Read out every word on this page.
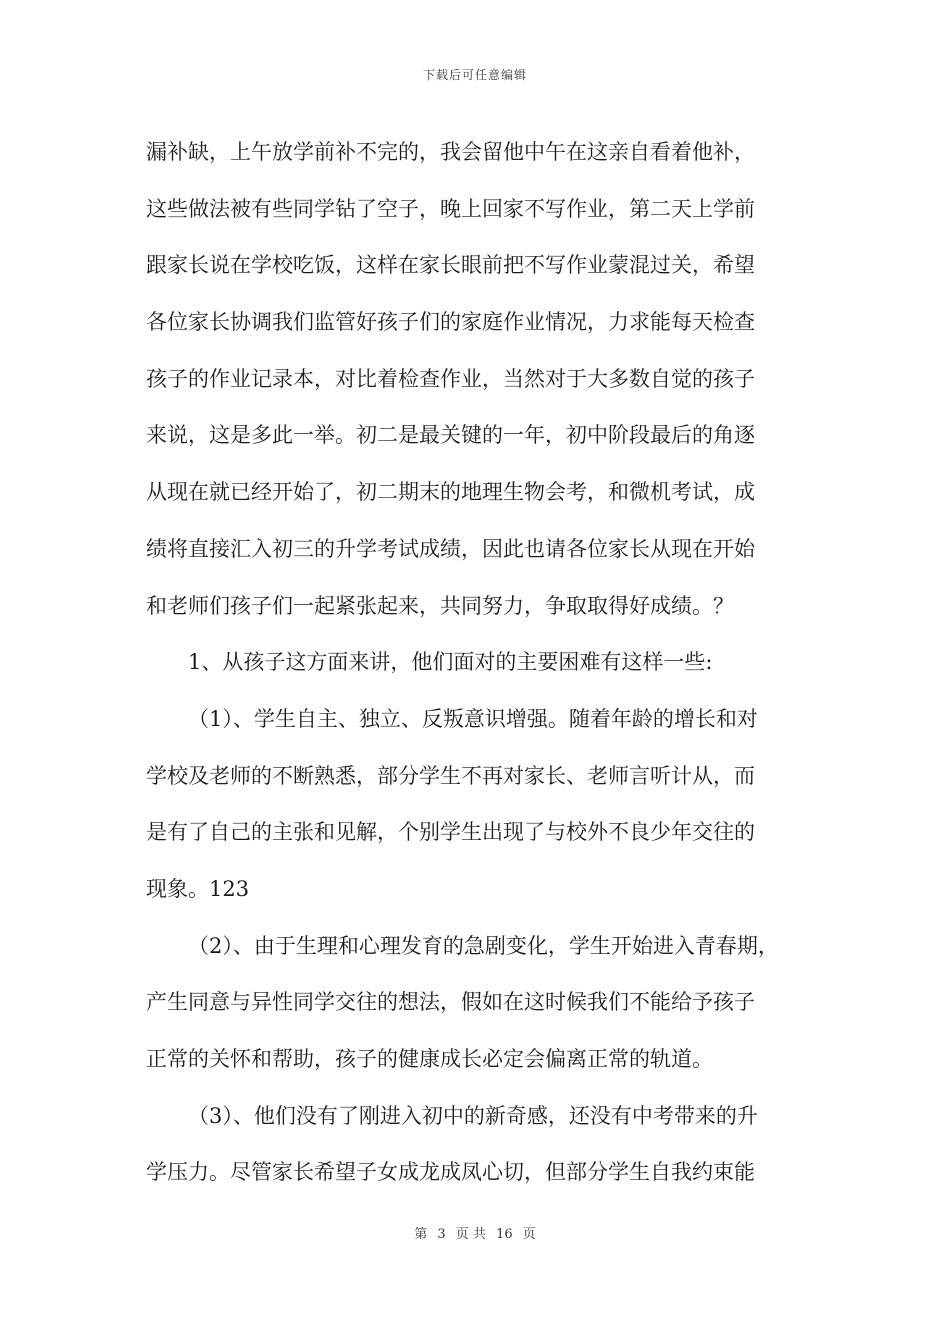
下载后可任意编辑
漏补缺，上午放学前补不完的，我会留他中午在这亲自看着他补，
这些做法被有些同学钻了空子，晚上回家不写作业，第二天上学前
跟家长说在学校吃饭，这样在家长眼前把不写作业蒙混过关，希望
各位家长协调我们监管好孩子们的家庭作业情况，力求能每天检查
孩子的作业记录本，对比着检查作业，当然对于大多数自觉的孩子
来说，这是多此一举。初二是最关键的一年，初中阶段最后的角逐
从现在就已经开始了，初二期末的地理生物会考，和微机考试，成
绩将直接汇入初三的升学考试成绩，因此也请各位家长从现在开始
和老师们孩子们一起紧张起来，共同努力，争取取得好成绩。？
1、从孩子这方面来讲，他们面对的主要困难有这样一些:
（1）、学生自主、独立、反叛意识增强。随着年龄的增长和对
学校及老师的不断熟悉，部分学生不再对家长、老师言听计从，而
是有了自己的主张和见解，个别学生出现了与校外不良少年交往的
现象。123
（2）、由于生理和心理发育的急剧变化，学生开始进入青春期，
产生同意与异性同学交往的想法，假如在这时候我们不能给予孩子
正常的关怀和帮助，孩子的健康成长必定会偏离正常的轨道。
（3）、他们没有了刚进入初中的新奇感，还没有中考带来的升
学压力。尽管家长希望子女成龙成凤心切，但部分学生自我约束能
第 3 页 共 16 页
